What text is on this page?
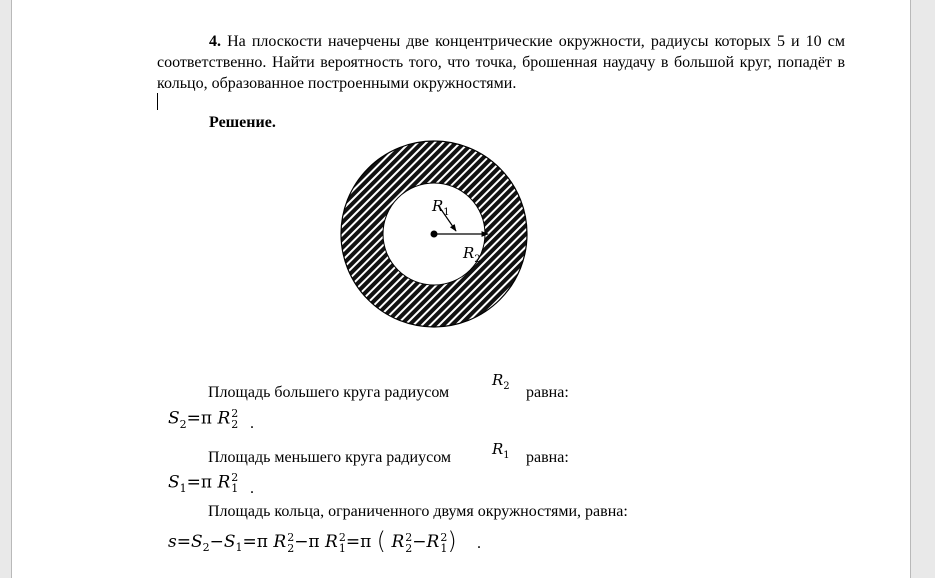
4. На плоскости начерчены две концентрические окружности, радиусы которых 5 и 10 см соответственно. Найти вероятность того, что точка, брошенная наудачу в большой круг, попадёт в кольцо, образованное построенными окружностями.

Решение.
$R_1$
$R_2$
Площадь большего круга радиусом
$R_2$ равна:
$S_2=\pi$ R 2
2 .
Площадь меньшего круга радиусом	$R_1$ равна:
$S_1=\pi$ R 2
1 .
Площадь кольца, ограниченного двумя окружностями, равна:
$s=S_2-S_1=\pi$ R 2
2 −π R 2
1 =π ( R 2
2 −R 2
1 ) .
